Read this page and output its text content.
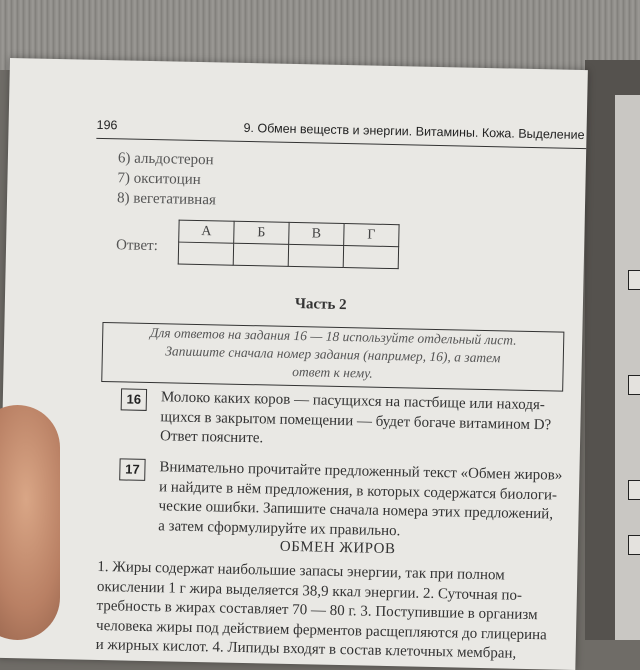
196	9. Обмен веществ и энергии. Витамины. Кожа. Выделение
6) альдостерон
7) окситоцин
8) вегетативная
Ответ:
А	Б	В	Г

Часть 2
Для ответов на задания 16 — 18 используйте отдельный лист.
Запишите сначала номер задания (например, 16), а затем
ответ к нему.
16	Молоко каких коров — пасущихся на пастбище или находя-
щихся в закрытом помещении — будет богаче витамином D?
Ответ поясните.
17	Внимательно прочитайте предложенный текст «Обмен жиров»
и найдите в нём предложения, в которых содержатся биологи-
ческие ошибки. Запишите сначала номера этих предложений,
а затем сформулируйте их правильно.
ОБМЕН ЖИРОВ
1. Жиры содержат наибольшие запасы энергии, так при полном
окислении 1 г жира выделяется 38,9 ккал энергии. 2. Суточная по-
требность в жирах составляет 70 — 80 г. 3. Поступившие в организм
человека жиры под действием ферментов расщепляются до глицерина
и жирных кислот. 4. Липиды входят в состав клеточных мембран,
